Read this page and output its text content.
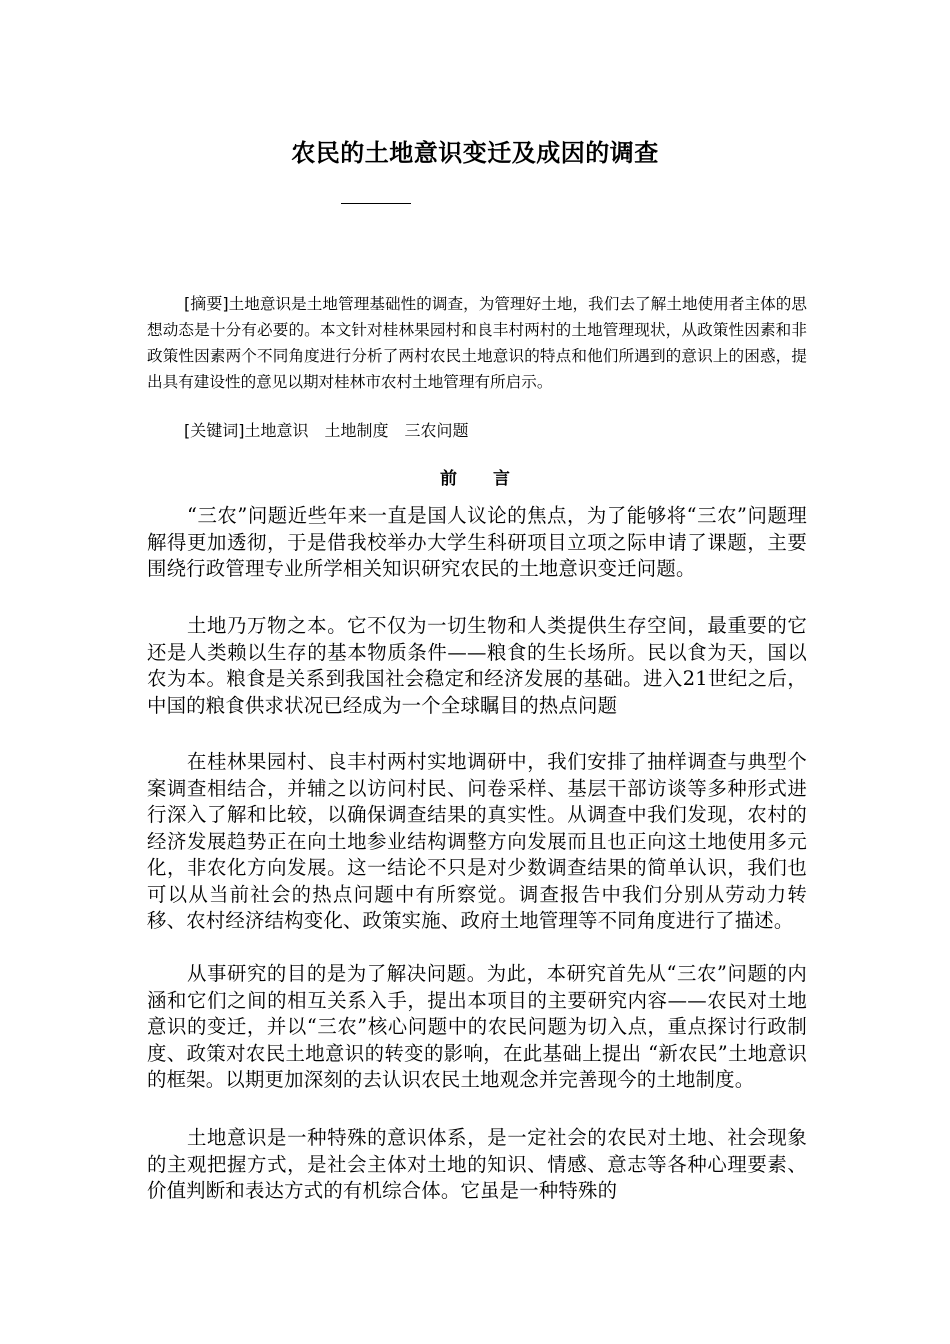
农民的土地意识变迁及成因的调查

[摘要]土地意识是土地管理基础性的调查，为管理好土地，我们去了解土地使用者主体的思想动态是十分有必要的。本文针对桂林果园村和良丰村两村的土地管理现状，从政策性因素和非政策性因素两个不同角度进行分析了两村农民土地意识的特点和他们所遇到的意识上的困惑，提出具有建设性的意见以期对桂林市农村土地管理有所启示。

[关键词]土地意识　土地制度　三农问题

前言

“三农”问题近些年来一直是国人议论的焦点，为了能够将“三农”问题理解得更加透彻，于是借我校举办大学生科研项目立项之际申请了课题，主要围绕行政管理专业所学相关知识研究农民的土地意识变迁问题。

土地乃万物之本。它不仅为一切生物和人类提供生存空间，最重要的它还是人类赖以生存的基本物质条件——粮食的生长场所。民以食为天，国以农为本。粮食是关系到我国社会稳定和经济发展的基础。进入21世纪之后，中国的粮食供求状况已经成为一个全球瞩目的热点问题

在桂林果园村、良丰村两村实地调研中，我们安排了抽样调查与典型个案调查相结合，并辅之以访问村民、问卷采样、基层干部访谈等多种形式进行深入了解和比较，以确保调查结果的真实性。从调查中我们发现，农村的经济发展趋势正在向土地参业结构调整方向发展而且也正向这土地使用多元化，非农化方向发展。这一结论不只是对少数调查结果的简单认识，我们也可以从当前社会的热点问题中有所察觉。调查报告中我们分别从劳动力转移、农村经济结构变化、政策实施、政府土地管理等不同角度进行了描述。

从事研究的目的是为了解决问题。为此，本研究首先从“三农”问题的内涵和它们之间的相互关系入手，提出本项目的主要研究内容——农民对土地意识的变迁，并以“三农”核心问题中的农民问题为切入点，重点探讨行政制度、政策对农民土地意识的转变的影响，在此基础上提出 “新农民”土地意识的框架。以期更加深刻的去认识农民土地观念并完善现今的土地制度。

土地意识是一种特殊的意识体系，是一定社会的农民对土地、社会现象的主观把握方式，是社会主体对土地的知识、情感、意志等各种心理要素、价值判断和表达方式的有机综合体。它虽是一种特殊的
